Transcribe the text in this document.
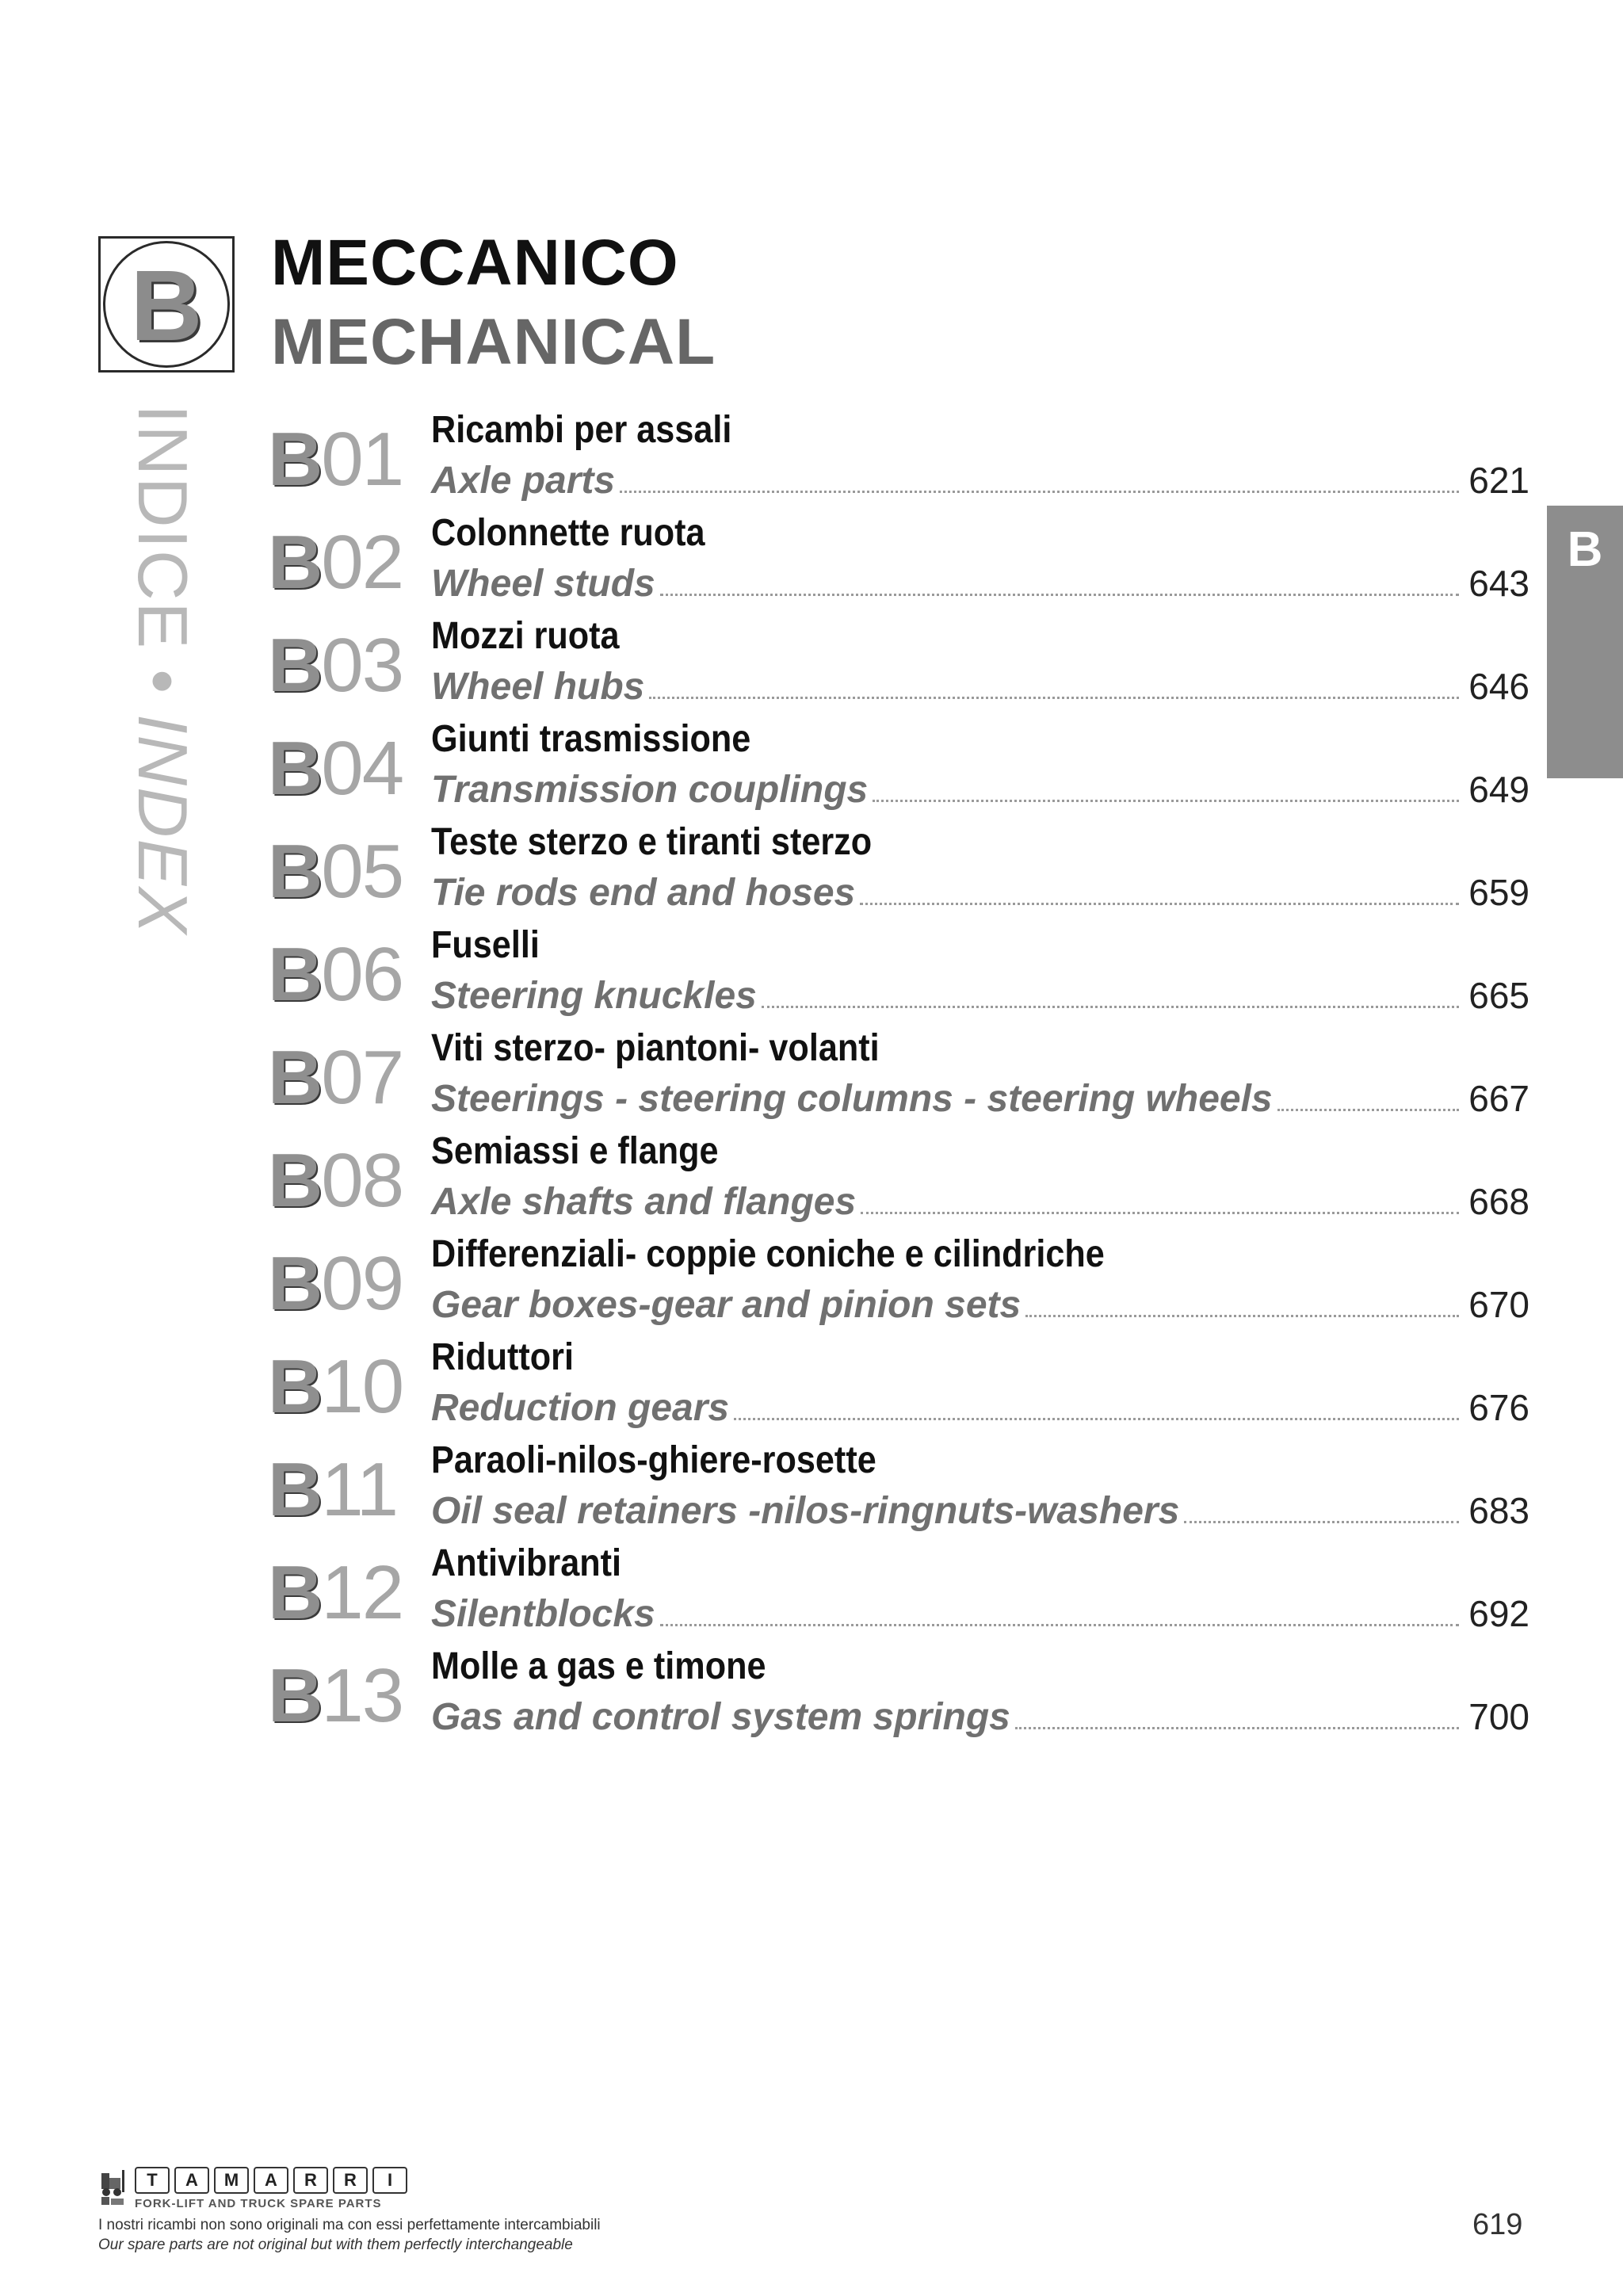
B MECCANICO
MECHANICAL
INDICE•INDEX
B
B01 Ricambi per assali
Axle parts	621
B02 Colonnette ruota
Wheel studs	643
B03 Mozzi ruota
Wheel hubs	646
B04 Giunti trasmissione
Transmission couplings	649
B05 Teste sterzo e tiranti sterzo
Tie rods end and hoses	659
B06 Fuselli
Steering knuckles	665
B07 Viti sterzo- piantoni- volanti
Steerings - steering columns - steering wheels	667
B08 Semiassi e flange
Axle shafts and flanges	668
B09 Differenziali- coppie coniche e cilindriche
Gear boxes-gear and pinion sets	670
B10 Riduttori
Reduction gears	676
B11 Paraoli-nilos-ghiere-rosette
Oil seal retainers -nilos-ringnuts-washers	683
B12 Antivibranti
Silentblocks	692
B13 Molle a gas e timone
Gas and control system springs	700
T	A	M	A	R	R	I
FORK-LIFT AND TRUCK SPARE PARTS
I nostri ricambi non sono originali ma con essi perfettamente intercambiabili
Our spare parts are not original but with them perfectly interchangeable
619
